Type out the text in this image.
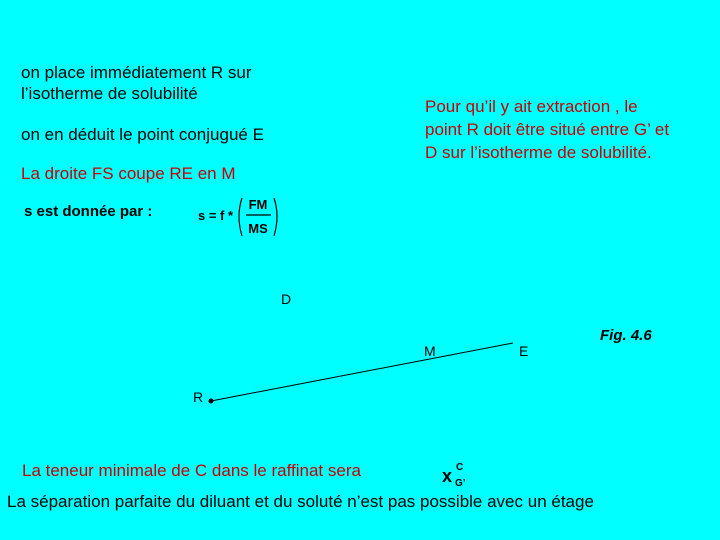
on place immédiatement R sur
l’isotherme de solubilité

on en déduit le point conjugué E

La droite FS coupe RE en M

Pour qu’il y ait extraction , le
point R doit être situé entre G’ et
D sur l’isotherme de solubilité.

s est donnée par :	s = f *
FM
MS

D

M	E

R

Fig. 4.6

La teneur minimale de C dans le raffinat sera	x C
G’

La séparation parfaite du diluant et du soluté n’est pas possible avec un étage
